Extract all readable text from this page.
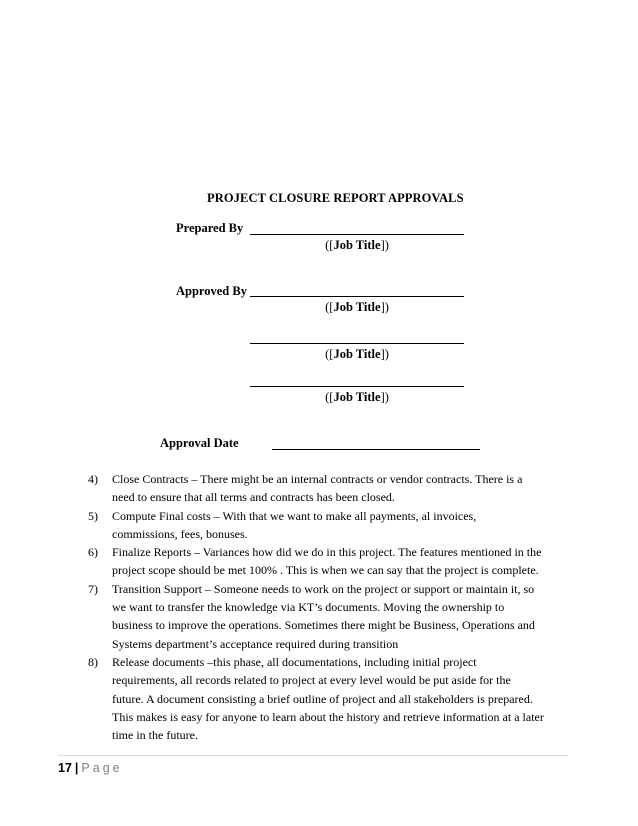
PROJECT CLOSURE REPORT APPROVALS
Prepared By
([Job Title])
Approved By
([Job Title])
([Job Title])
([Job Title])
Approval Date
4) Close Contracts – There might be an internal contracts or vendor contracts. There is a
need to ensure that all terms and contracts has been closed.
5) Compute Final costs – With that we want to make all payments, al invoices,
commissions, fees, bonuses.
6) Finalize Reports – Variances how did we do in this project. The features mentioned in the
project scope should be met 100% . This is when we can say that the project is complete.
7) Transition Support – Someone needs to work on the project or support or maintain it, so
we want to transfer the knowledge via KT’s documents. Moving the ownership to
business to improve the operations. Sometimes there might be Business, Operations and
Systems department’s acceptance required during transition
8) Release documents –this phase, all documentations, including initial project
requirements, all records related to project at every level would be put aside for the
future. A document consisting a brief outline of project and all stakeholders is prepared.
This makes is easy for anyone to learn about the history and retrieve information at a later
time in the future.
17 | Page
